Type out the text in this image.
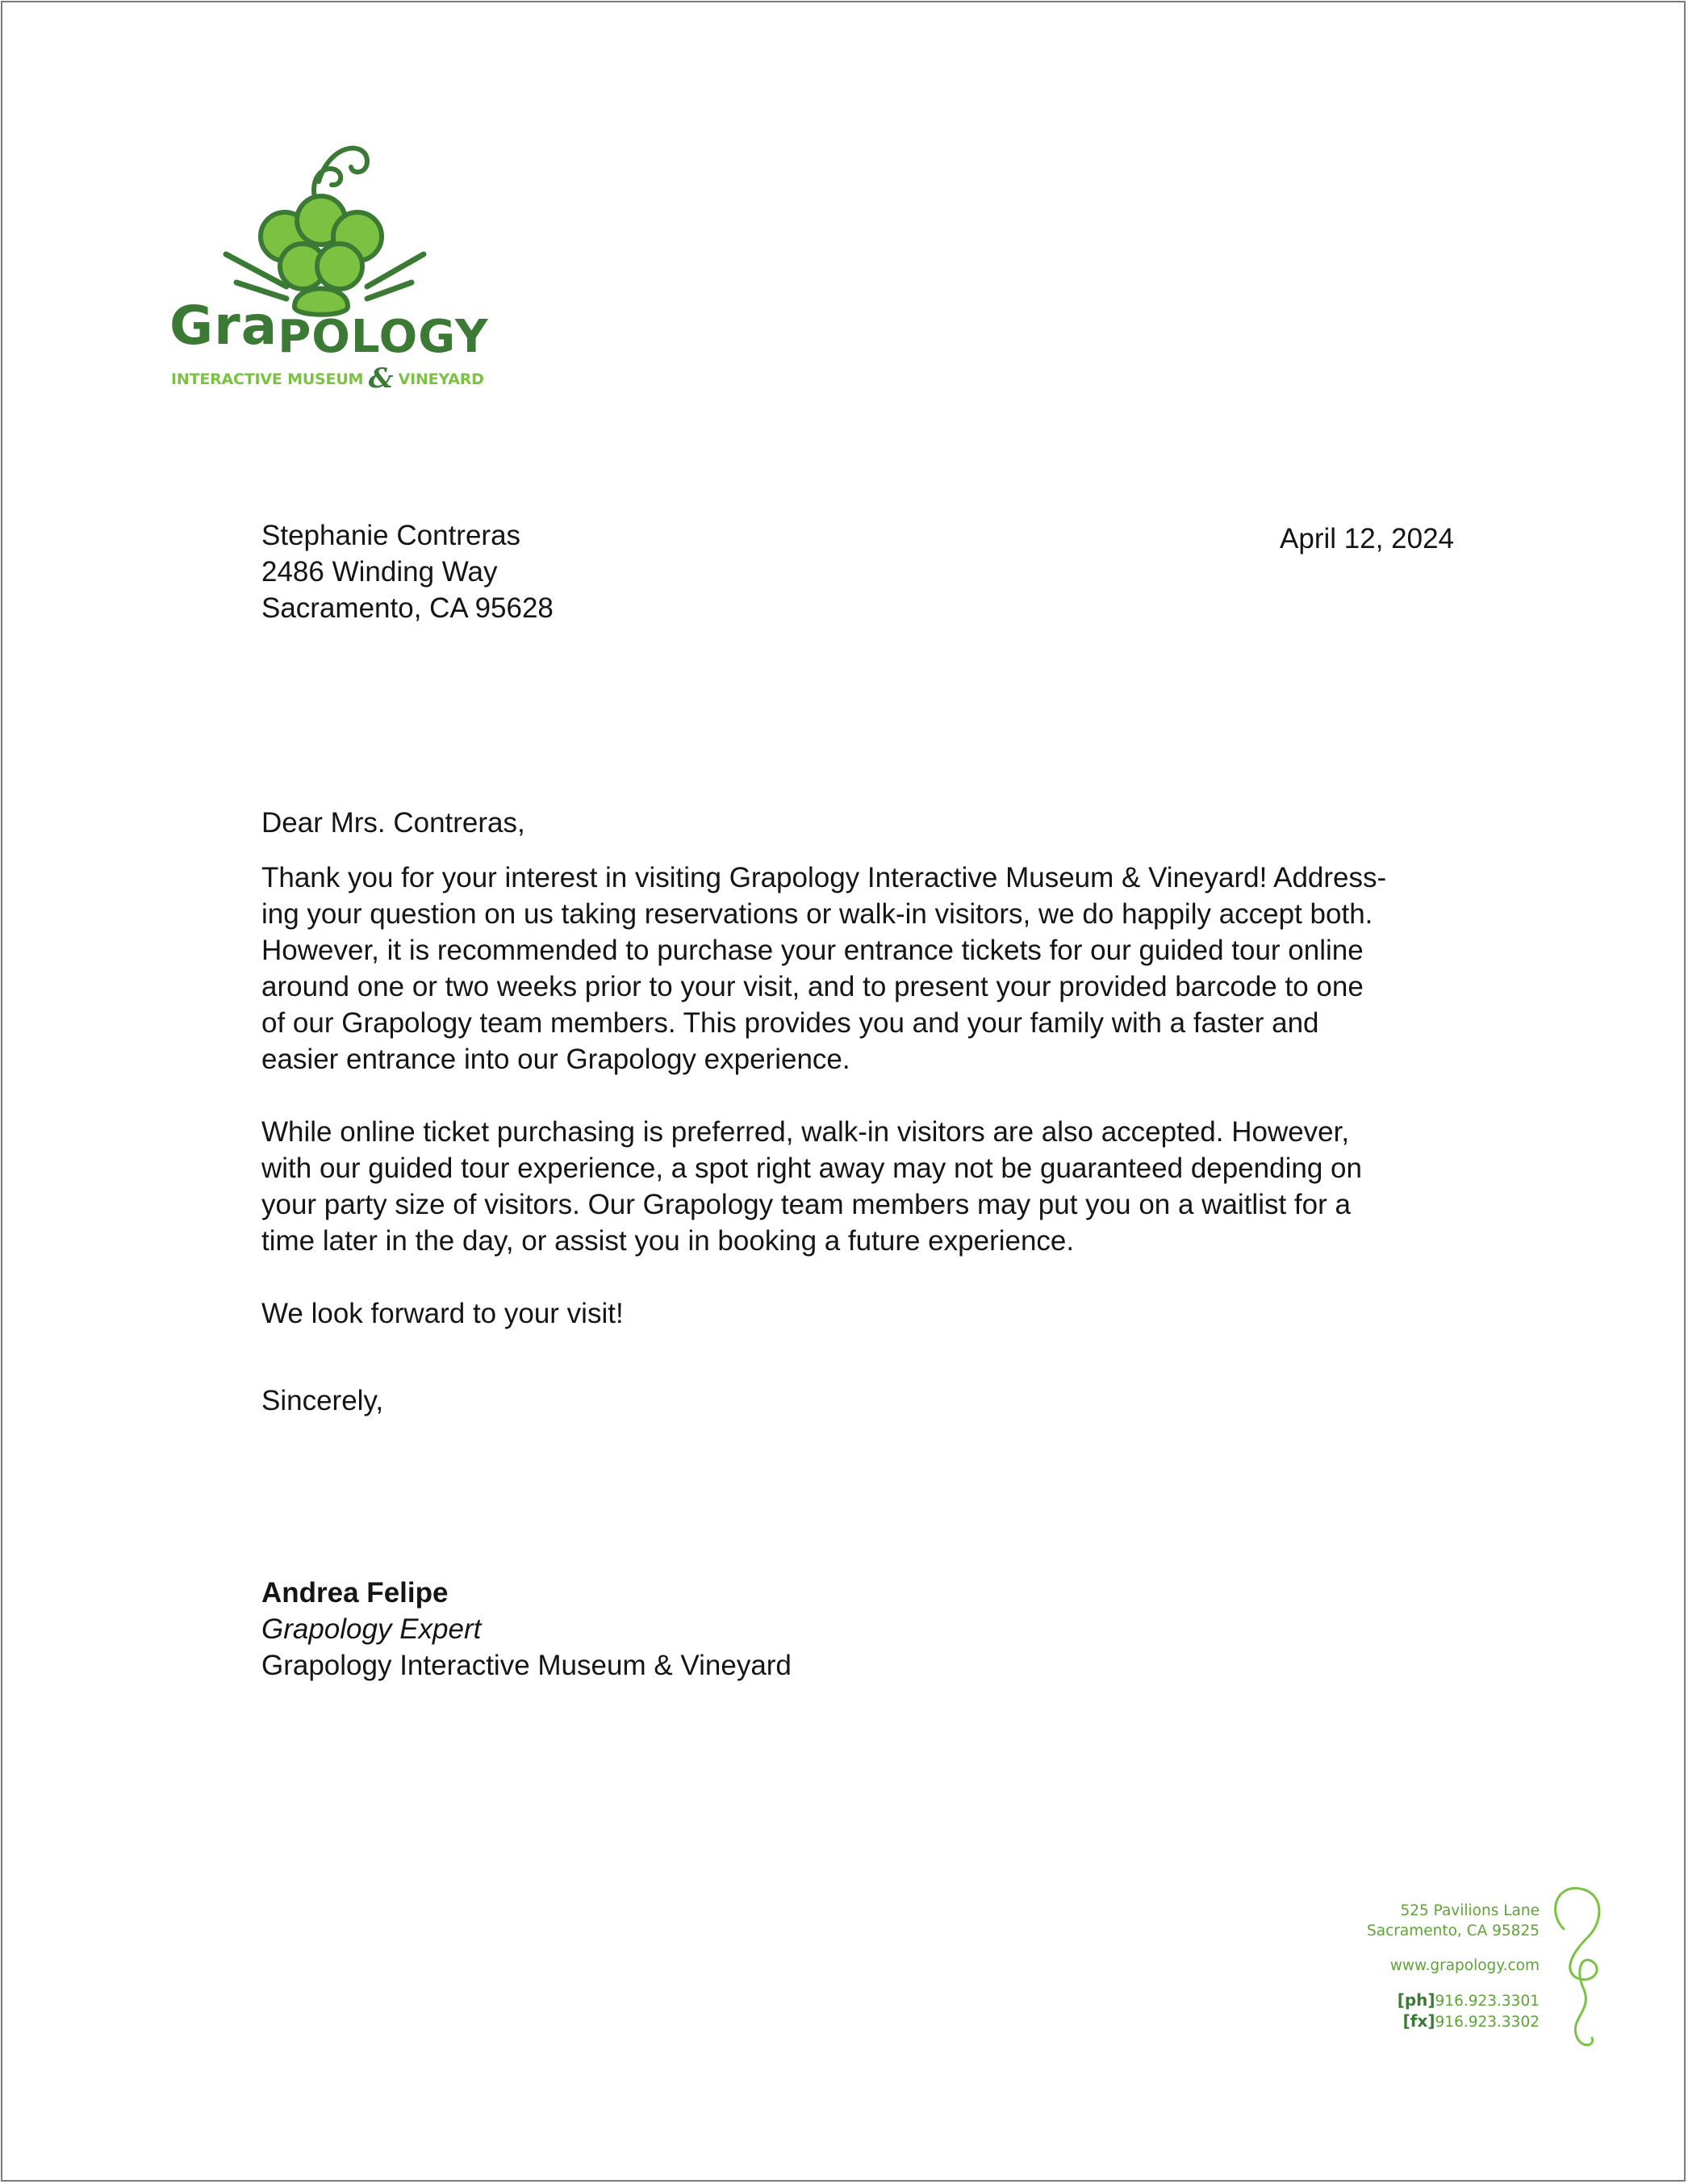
GraPOLOGY
INTERACTIVE MUSEUM & VINEYARD
Stephanie Contreras
2486 Winding Way
Sacramento, CA 95628
April 12, 2024
Dear Mrs. Contreras,
Thank you for your interest in visiting Grapology Interactive Museum & Vineyard! Address-
ing your question on us taking reservations or walk-in visitors, we do happily accept both.
However, it is recommended to purchase your entrance tickets for our guided tour online
around one or two weeks prior to your visit, and to present your provided barcode to one
of our Grapology team members. This provides you and your family with a faster and
easier entrance into our Grapology experience.
While online ticket purchasing is preferred, walk-in visitors are also accepted. However,
with our guided tour experience, a spot right away may not be guaranteed depending on
your party size of visitors. Our Grapology team members may put you on a waitlist for a
time later in the day, or assist you in booking a future experience.
We look forward to your visit!
Sincerely,
Andrea Felipe
Grapology Expert
Grapology Interactive Museum & Vineyard
525 Pavilions Lane
Sacramento, CA 95825
www.grapology.com
[ph]916.923.3301
[fx]916.923.3302
